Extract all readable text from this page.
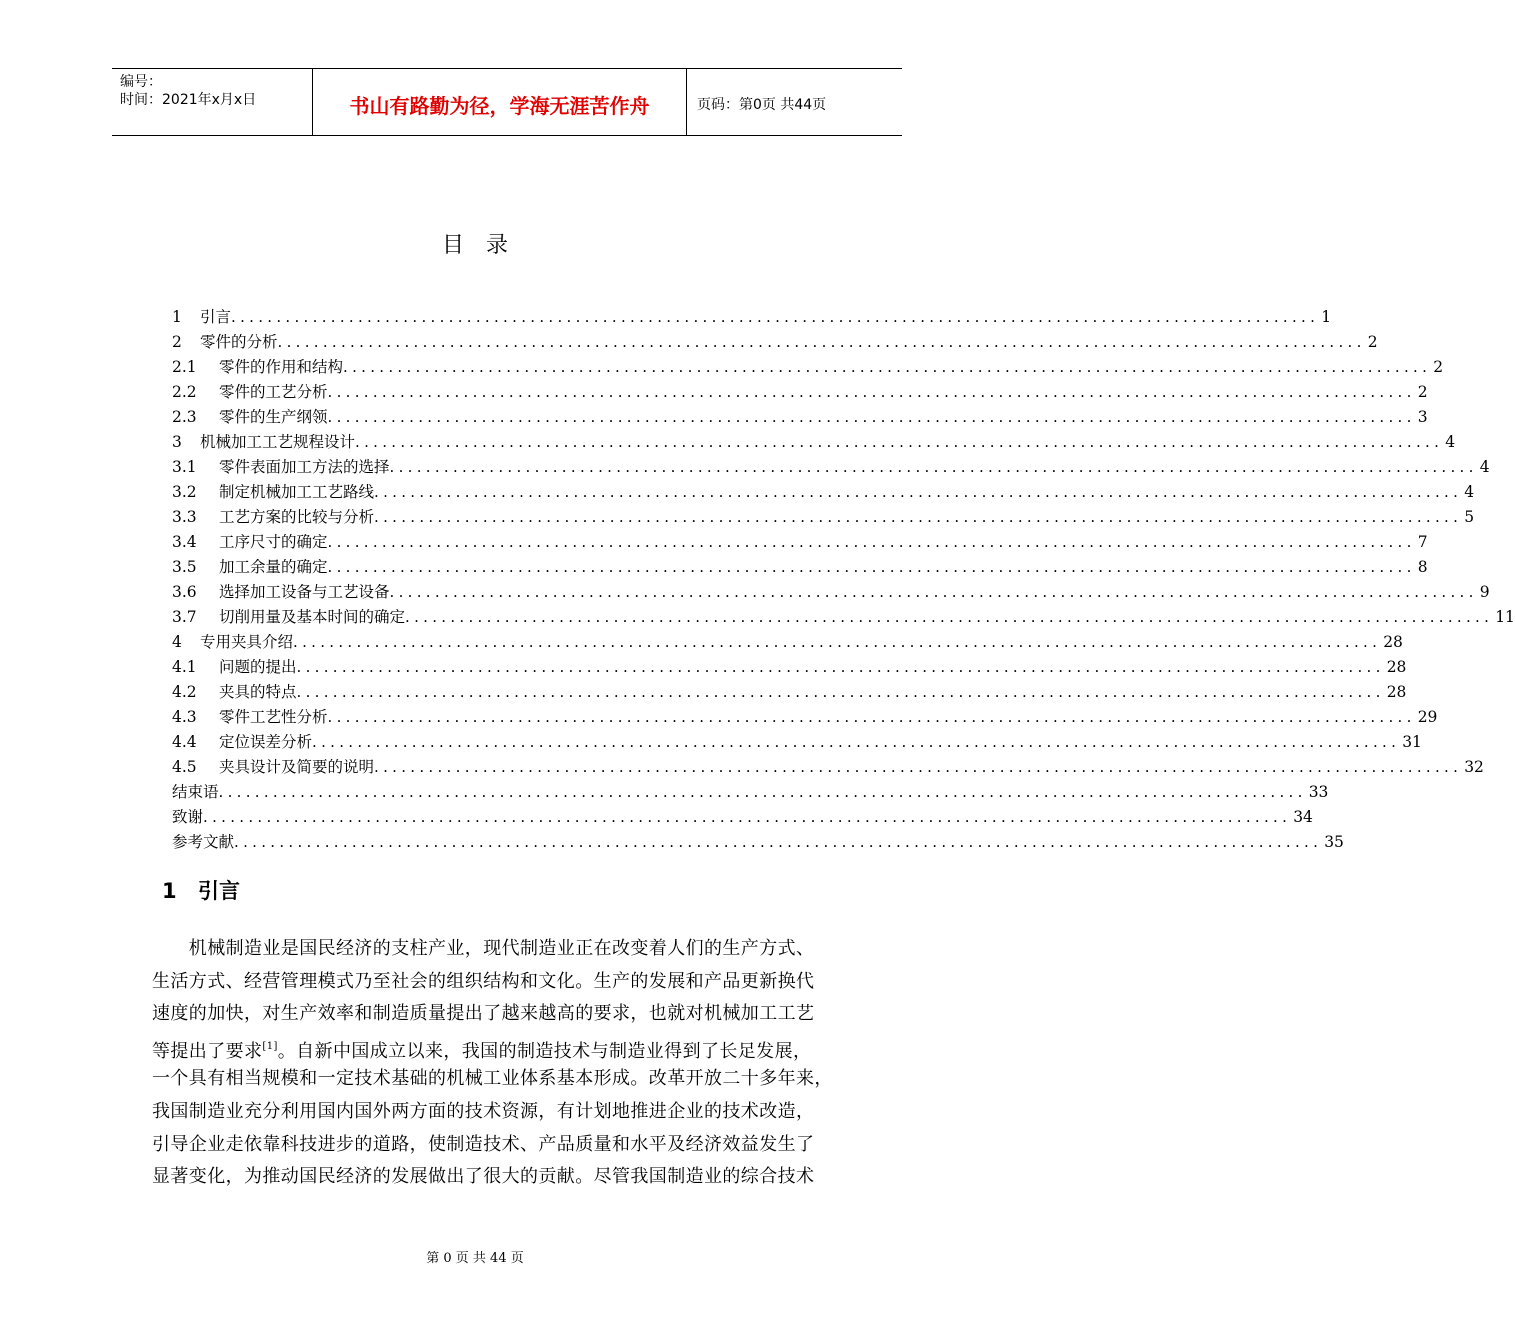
编号：
时间：2021年x月x日	书山有路勤为径，学海无涯苦作舟	页码：第0页 共44页
目录
1	引言 ........................................................................................................................ 1
2	零件的分析 ........................................................................................................................ 2
2.1	零件的作用和结构 ........................................................................................................................ 2
2.2	零件的工艺分析 ........................................................................................................................ 2
2.3	零件的生产纲领 ........................................................................................................................ 3
3	机械加工工艺规程设计 ........................................................................................................................ 4
3.1	零件表面加工方法的选择 ........................................................................................................................ 4
3.2	制定机械加工工艺路线 ........................................................................................................................ 4
3.3	工艺方案的比较与分析 ........................................................................................................................ 5
3.4	工序尺寸的确定 ........................................................................................................................ 7
3.5	加工余量的确定 ........................................................................................................................ 8
3.6	选择加工设备与工艺设备 ........................................................................................................................ 9
3.7	切削用量及基本时间的确定 ........................................................................................................................ 11
4	专用夹具介绍 ........................................................................................................................ 28
4.1	问题的提出 ........................................................................................................................ 28
4.2	夹具的特点 ........................................................................................................................ 28
4.3	零件工艺性分析 ........................................................................................................................ 29
4.4	定位误差分析 ........................................................................................................................ 31
4.5	夹具设计及简要的说明 ........................................................................................................................ 32
结束语 ........................................................................................................................ 33
致谢 ........................................................................................................................ 34
参考文献 ........................................................................................................................ 35
1 引言
　　机械制造业是国民经济的支柱产业，现代制造业正在改变着人们的生产方式、
生活方式、经营管理模式乃至社会的组织结构和文化。生产的发展和产品更新换代
速度的加快，对生产效率和制造质量提出了越来越高的要求，也就对机械加工工艺
等提出了要求[1]。自新中国成立以来，我国的制造技术与制造业得到了长足发展，
一个具有相当规模和一定技术基础的机械工业体系基本形成。改革开放二十多年来，
我国制造业充分利用国内国外两方面的技术资源，有计划地推进企业的技术改造，
引导企业走依靠科技进步的道路，使制造技术、产品质量和水平及经济效益发生了
显著变化，为推动国民经济的发展做出了很大的贡献。尽管我国制造业的综合技术
第 0 页 共 44 页
